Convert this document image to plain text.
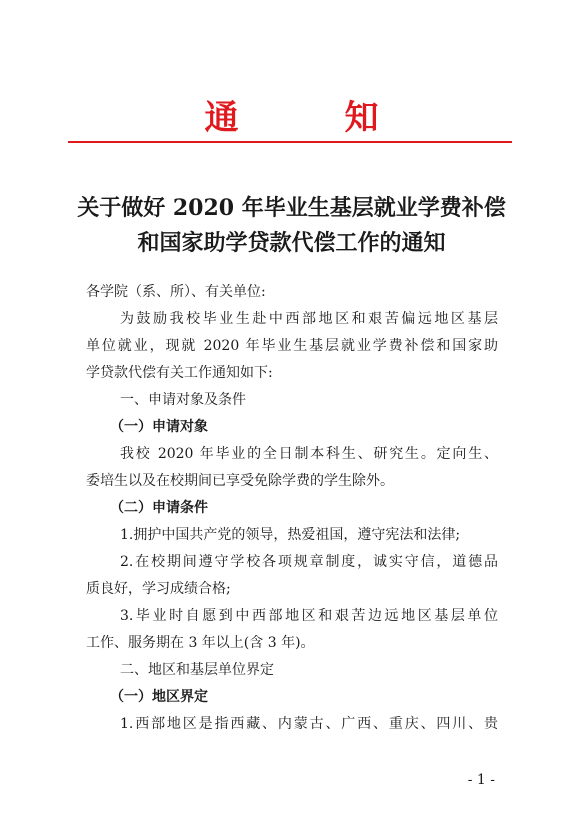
通　知
关于做好 2020 年毕业生基层就业学费补偿
和国家助学贷款代偿工作的通知
各学院（系、所）、有关单位:
为鼓励我校毕业生赴中西部地区和艰苦偏远地区基层
单位就业，现就 2020 年毕业生基层就业学费补偿和国家助
学贷款代偿有关工作通知如下:
一、申请对象及条件
（一）申请对象
我校 2020 年毕业的全日制本科生、研究生。定向生、
委培生以及在校期间已享受免除学费的学生除外。
（二）申请条件
1.拥护中国共产党的领导，热爱祖国，遵守宪法和法律;
2.在校期间遵守学校各项规章制度，诚实守信，道德品
质良好，学习成绩合格;
3.毕业时自愿到中西部地区和艰苦边远地区基层单位
工作、服务期在 3 年以上(含 3 年)。
二、地区和基层单位界定
（一）地区界定
1.西部地区是指西藏、内蒙古、广西、重庆、四川、贵
- 1 -
